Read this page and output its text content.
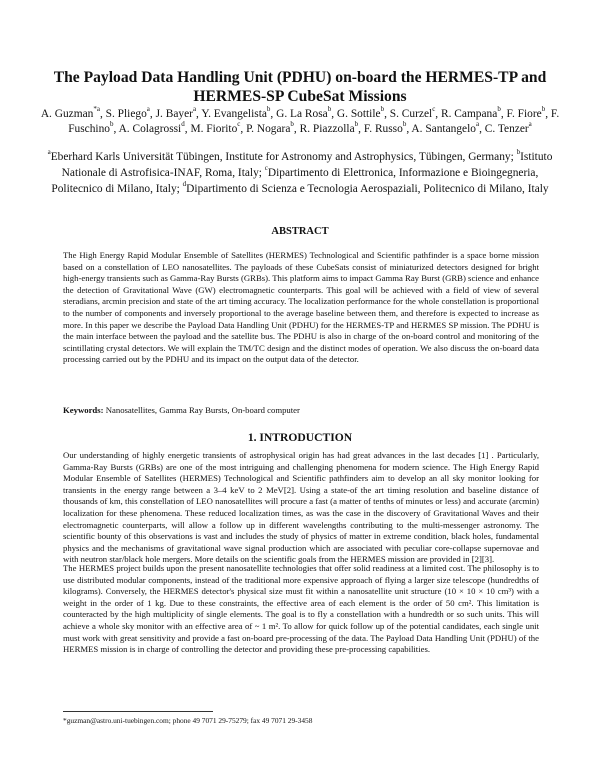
The Payload Data Handling Unit (PDHU) on-board the HERMES-TP and HERMES-SP CubeSat Missions
A. Guzman$^{*a}$, S. Pliego$^a$, J. Bayer$^a$, Y. Evangelista$^b$, G. La Rosa$^b$, G. Sottile$^b$, S. Curzel$^c$, R. Campana$^b$, F. Fiore$^b$, F. Fuschino$^b$, A. Colagrossi$^d$, M. Fiorito$^c$, P. Nogara$^b$, R. Piazzolla$^b$, F. Russo$^b$, A. Santangelo$^a$, C. Tenzer$^a$
$^a$Eberhard Karls Universität Tübingen, Institute for Astronomy and Astrophysics, Tübingen, Germany; $^b$Istituto Nationale di Astrofisica-INAF, Roma, Italy; $^c$Dipartimento di Elettronica, Informazione e Bioingegneria, Politecnico di Milano, Italy; $^d$Dipartimento di Scienza e Tecnologia Aerospaziali, Politecnico di Milano, Italy
ABSTRACT

The High Energy Rapid Modular Ensemble of Satellites (HERMES) Technological and Scientific pathfinder is a space borne mission based on a constellation of LEO nanosatellites. The payloads of these CubeSats consist of miniaturized detectors designed for bright high-energy transients such as Gamma-Ray Bursts (GRBs). This platform aims to impact Gamma Ray Burst (GRB) science and enhance the detection of Gravitational Wave (GW) electromagnetic counterparts. This goal will be achieved with a field of view of several steradians, arcmin precision and state of the art timing accuracy. The localization performance for the whole constellation is proportional to the number of components and inversely proportional to the average baseline between them, and therefore is expected to increase as more. In this paper we describe the Payload Data Handling Unit (PDHU) for the HERMES-TP and HERMES SP mission. The PDHU is the main interface between the payload and the satellite bus. The PDHU is also in charge of the on-board control and monitoring of the scintillating crystal detectors. We will explain the TM/TC design and the distinct modes of operation. We also discuss the on-board data processing carried out by the PDHU and its impact on the output data of the detector.

Keywords: Nanosatellites, Gamma Ray Bursts, On-board computer

1. INTRODUCTION

Our understanding of highly energetic transients of astrophysical origin has had great advances in the last decades [1] . Particularly, Gamma-Ray Bursts (GRBs) are one of the most intriguing and challenging phenomena for modern science. The High Energy Rapid Modular Ensemble of Satellites (HERMES) Technological and Scientific pathfinders aim to develop an all sky monitor looking for transients in the energy range between a 3–4 keV to 2 MeV[2]. Using a state-of the art timing resolution and baseline distance of thousands of km, this constellation of LEO nanosatellites will procure a fast (a matter of tenths of minutes or less) and accurate (arcmin) localization for these phenomena. These reduced localization times, as was the case in the discovery of Gravitational Waves and their electromagnetic counterparts, will allow a follow up in different wavelengths contributing to the multi-messenger astronomy. The scientific bounty of this observations is vast and includes the study of physics of matter in extreme condition, black holes, fundamental physics and the mechanisms of gravitational wave signal production which are associated with peculiar core-collapse supernovae and with neutron star/black hole mergers. More details on the scientific goals from the HERMES mission are provided in [2][3].

The HERMES project builds upon the present nanosatellite technologies that offer solid readiness at a limited cost. The philosophy is to use distributed modular components, instead of the traditional more expensive approach of flying a larger size telescope (hundredths of kilograms). Conversely, the HERMES detector's physical size must fit within a nanosatellite unit structure (10 × 10 × 10 cm³) with a weight in the order of 1 kg. Due to these constraints, the effective area of each element is the order of 50 cm². This limitation is counteracted by the high multiplicity of single elements. The goal is to fly a constellation with a hundredth or so such units. This will achieve a whole sky monitor with an effective area of ~ 1 m². To allow for quick follow up of the potential candidates, each single unit must work with great sensitivity and provide a fast on-board pre-processing of the data. The Payload Data Handling Unit (PDHU) of the HERMES mission is in charge of controlling the detector and providing these pre-processing capabilities.

*guzman@astro.uni-tuebingen.com; phone 49 7071 29-75279; fax 49 7071 29-3458
